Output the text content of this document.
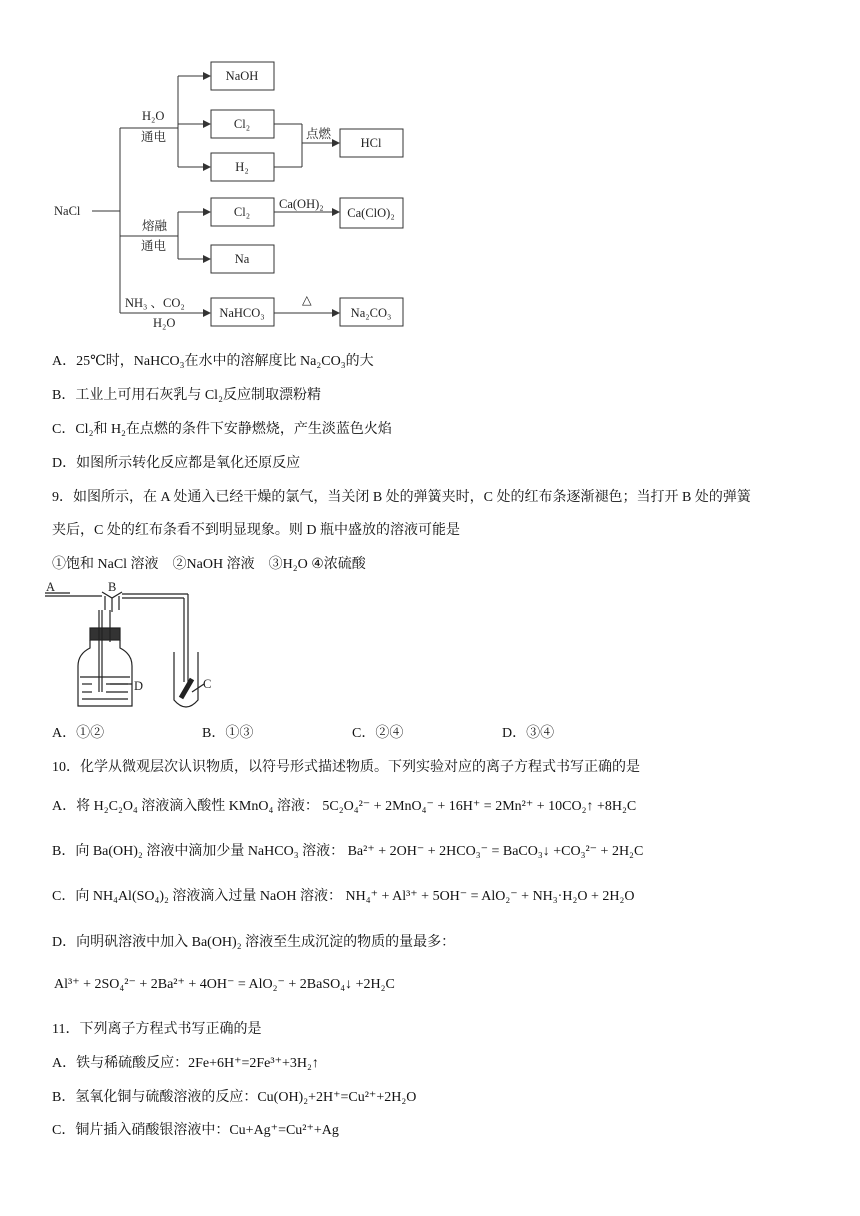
NaCl
H₂O
通电
NaOH
Cl₂
H₂
点燃
HCl
熔融
通电
Cl₂
Ca(OH)₂
Ca(ClO)₂
Na
NH₃ 、CO₂
H₂O
NaHCO₃
△
Na₂CO₃
A．25℃时，NaHCO₃在水中的溶解度比 Na₂CO₃的大
B．工业上可用石灰乳与 Cl₂反应制取漂粉精
C．Cl₂和 H₂在点燃的条件下安静燃烧，产生淡蓝色火焰
D．如图所示转化反应都是氧化还原反应
9．如图所示，在 A 处通入已经干燥的氯气，当关闭 B 处的弹簧夹时，C 处的红布条逐渐褪色；当打开 B 处的弹簧
夹后，C 处的红布条看不到明显现象。则 D 瓶中盛放的溶液可能是
①饱和 NaCl 溶液　②NaOH 溶液　③H₂O ④浓硫酸
A	B
D	C
A．①②	B．①③	C．②④	D．③④
10．化学从微观层次认识物质，以符号形式描述物质。下列实验对应的离子方程式书写正确的是
A．将 H₂C₂O₄ 溶液滴入酸性 KMnO₄ 溶液： 5C₂O₄²⁻ + 2MnO₄⁻ + 16H⁺ = 2Mn²⁺ + 10CO₂↑ +8H₂C
B．向 Ba(OH)₂ 溶液中滴加少量 NaHCO₃ 溶液： Ba²⁺ + 2OH⁻ + 2HCO₃⁻ = BaCO₃↓ +CO₃²⁻ + 2H₂C
C．向 NH₄Al(SO₄)₂ 溶液滴入过量 NaOH 溶液： NH₄⁺ + Al³⁺ + 5OH⁻ = AlO₂⁻ + NH₃·H₂O + 2H₂O
D．向明矾溶液中加入 Ba(OH)₂ 溶液至生成沉淀的物质的量最多：
Al³⁺ + 2SO₄²⁻ + 2Ba²⁺ + 4OH⁻ = AlO₂⁻ + 2BaSO₄↓ +2H₂C
11．下列离子方程式书写正确的是
A．铁与稀硫酸反应：2Fe+6H⁺=2Fe³⁺+3H₂↑
B．氢氧化铜与硫酸溶液的反应：Cu(OH)₂+2H⁺=Cu²⁺+2H₂O
C．铜片插入硝酸银溶液中：Cu+Ag⁺=Cu²⁺+Ag
